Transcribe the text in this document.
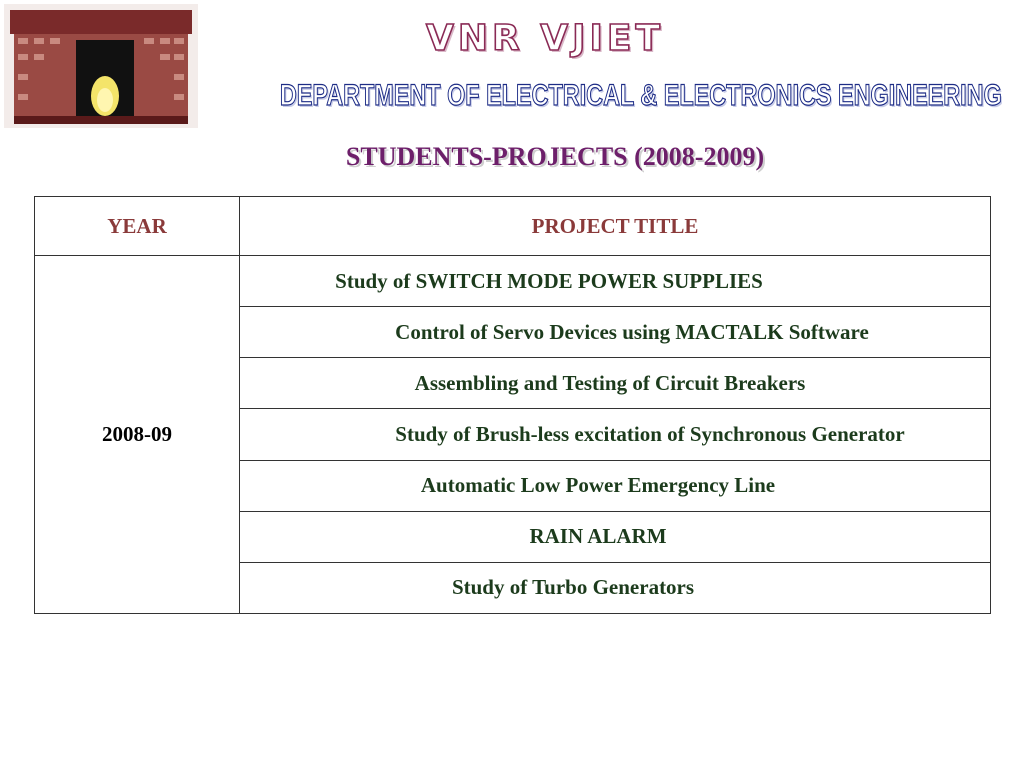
VNR VJIET
DEPARTMENT OF ELECTRICAL & ELECTRONICS ENGINEERING
STUDENTS-PROJECTS (2008-2009)
YEAR	PROJECT TITLE
2008-09	Study of SWITCH MODE POWER SUPPLIES
	Control of Servo Devices using MACTALK Software
	Assembling and Testing of Circuit Breakers
	Study of Brush-less excitation of Synchronous Generator
	Automatic Low Power Emergency Line
	RAIN ALARM
	Study of Turbo Generators
